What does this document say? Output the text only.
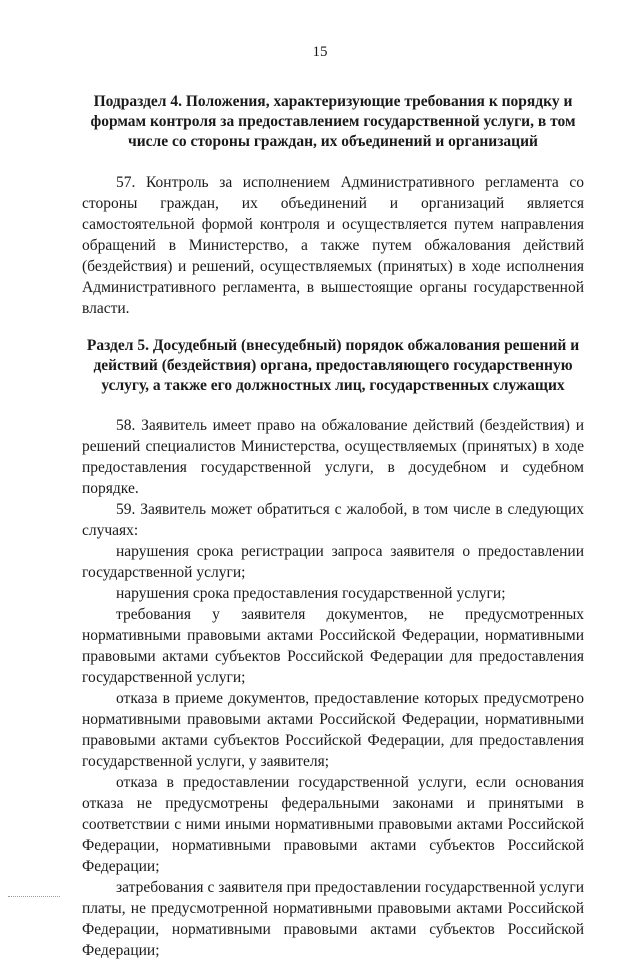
15

Подраздел 4. Положения, характеризующие требования к порядку и формам контроля за предоставлением государственной услуги, в том числе со стороны граждан, их объединений и организаций

57. Контроль за исполнением Административного регламента со стороны граждан, их объединений и организаций является самостоятельной формой контроля и осуществляется путем направления обращений в Министерство, а также путем обжалования действий (бездействия) и решений, осуществляемых (принятых) в ходе исполнения Административного регламента, в вышестоящие органы государственной власти.

Раздел 5. Досудебный (внесудебный) порядок обжалования решений и действий (бездействия) органа, предоставляющего государственную услугу, а также его должностных лиц, государственных служащих

58. Заявитель имеет право на обжалование действий (бездействия) и решений специалистов Министерства, осуществляемых (принятых) в ходе предоставления государственной услуги, в досудебном и судебном порядке.

59. Заявитель может обратиться с жалобой, в том числе в следующих случаях:

нарушения срока регистрации запроса заявителя о предоставлении государственной услуги;

нарушения срока предоставления государственной услуги;

требования у заявителя документов, не предусмотренных нормативными правовыми актами Российской Федерации, нормативными правовыми актами субъектов Российской Федерации для предоставления государственной услуги;

отказа в приеме документов, предоставление которых предусмотрено нормативными правовыми актами Российской Федерации, нормативными правовыми актами субъектов Российской Федерации, для предоставления государственной услуги, у заявителя;

отказа в предоставлении государственной услуги, если основания отказа не предусмотрены федеральными законами и принятыми в соответствии с ними иными нормативными правовыми актами Российской Федерации, нормативными правовыми актами субъектов Российской Федерации;

затребования с заявителя при предоставлении государственной услуги платы, не предусмотренной нормативными правовыми актами Российской Федерации, нормативными правовыми актами субъектов Российской Федерации;
